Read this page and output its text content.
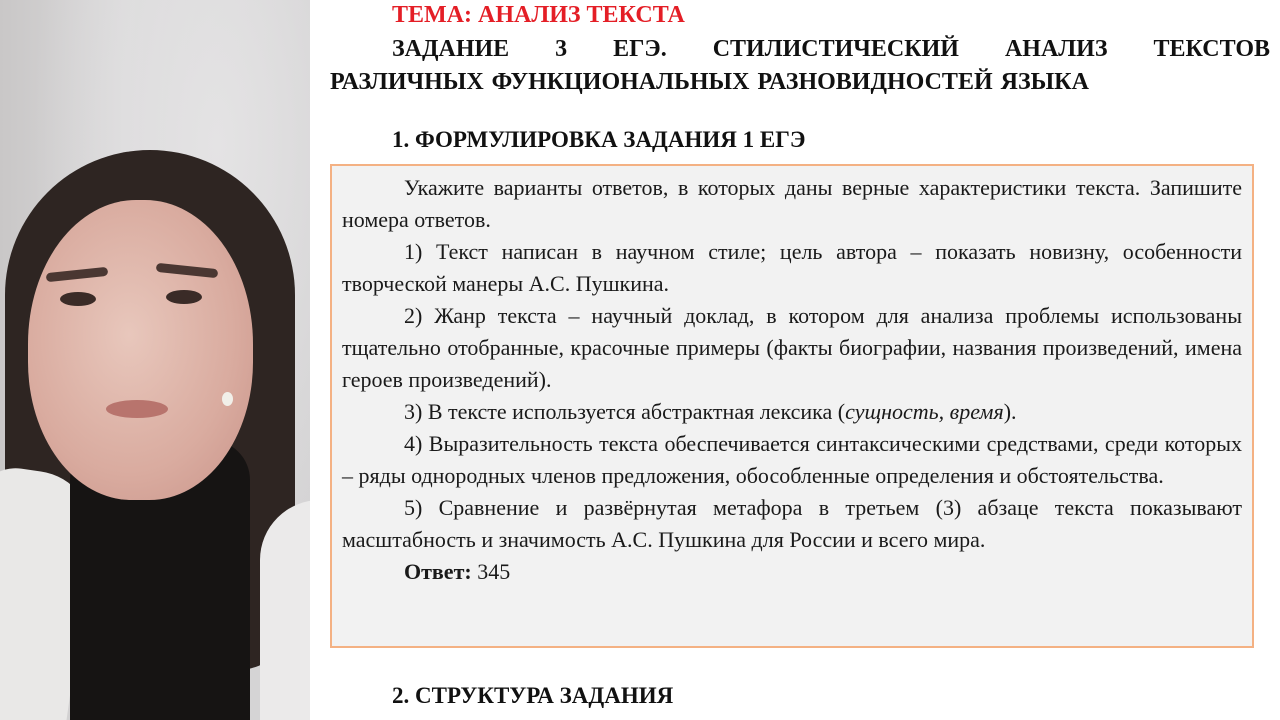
ТЕМА: АНАЛИЗ ТЕКСТА
ЗАДАНИЕ 3 ЕГЭ. СТИЛИСТИЧЕСКИЙ АНАЛИЗ ТЕКСТОВ
РАЗЛИЧНЫХ ФУНКЦИОНАЛЬНЫХ РАЗНОВИДНОСТЕЙ ЯЗЫКА
1. ФОРМУЛИРОВКА ЗАДАНИЯ 1 ЕГЭ

Укажите варианты ответов, в которых даны верные характеристики текста. Запишите номера ответов.

1) Текст написан в научном стиле; цель автора – показать новизну, особенности творческой манеры А.С. Пушкина.

2) Жанр текста – научный доклад, в котором для анализа проблемы использованы тщательно отобранные, красочные примеры (факты биографии, названия произведений, имена героев произведений).

3) В тексте используется абстрактная лексика (сущность, время).

4) Выразительность текста обеспечивается синтаксическими средствами, среди которых – ряды однородных членов предложения, обособленные определения и обстоятельства.

5) Сравнение и развёрнутая метафора в третьем (3) абзаце текста показывают масштабность и значимость А.С. Пушкина для России и всего мира.

Ответ: 345
2. СТРУКТУРА ЗАДАНИЯ
